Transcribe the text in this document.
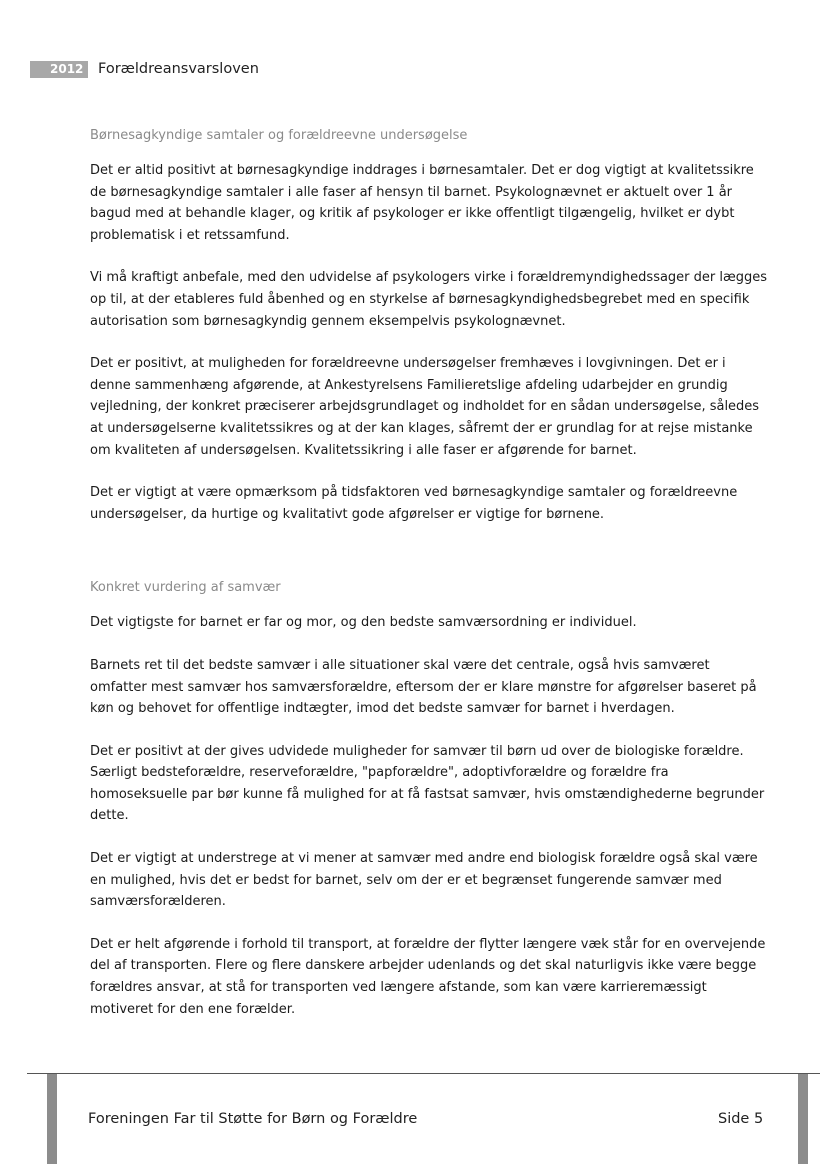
2012	Forældreansvarsloven
Børnesagkyndige samtaler og forældreevne undersøgelse

Det er altid positivt at børnesagkyndige inddrages i børnesamtaler. Det er dog vigtigt at kvalitetssikre de børnesagkyndige samtaler i alle faser af hensyn til barnet. Psykolognævnet er aktuelt over 1 år bagud med at behandle klager, og kritik af psykologer er ikke offentligt tilgængelig, hvilket er dybt problematisk i et retssamfund.

Vi må kraftigt anbefale, med den udvidelse af psykologers virke i forældremyndighedssager der lægges op til, at der etableres fuld åbenhed og en styrkelse af børnesagkyndighedsbegrebet med en specifik autorisation som børnesagkyndig gennem eksempelvis psykolognævnet.

Det er positivt, at muligheden for forældreevne undersøgelser fremhæves i lovgivningen. Det er i denne sammenhæng afgørende, at Ankestyrelsens Familieretslige afdeling udarbejder en grundig vejledning, der konkret præciserer arbejdsgrundlaget og indholdet for en sådan undersøgelse, således at undersøgelserne kvalitetssikres og at der kan klages, såfremt der er grundlag for at rejse mistanke om kvaliteten af undersøgelsen. Kvalitetssikring i alle faser er afgørende for barnet.

Det er vigtigt at være opmærksom på tidsfaktoren ved børnesagkyndige samtaler og forældreevne undersøgelser, da hurtige og kvalitativt gode afgørelser er vigtige for børnene.

Konkret vurdering af samvær

Det vigtigste for barnet er far og mor, og den bedste samværsordning er individuel.

Barnets ret til det bedste samvær i alle situationer skal være det centrale, også hvis samværet omfatter mest samvær hos samværsforældre, eftersom der er klare mønstre for afgørelser baseret på køn og behovet for offentlige indtægter, imod det bedste samvær for barnet i hverdagen.

Det er positivt at der gives udvidede muligheder for samvær til børn ud over de biologiske forældre. Særligt bedsteforældre, reserveforældre, "papforældre", adoptivforældre og forældre fra homoseksuelle par bør kunne få mulighed for at få fastsat samvær, hvis omstændighederne begrunder dette.

Det er vigtigt at understrege at vi mener at samvær med andre end biologisk forældre også skal være en mulighed, hvis det er bedst for barnet, selv om der er et begrænset fungerende samvær med samværsforælderen.

Det er helt afgørende i forhold til transport, at forældre der flytter længere væk står for en overvejende del af transporten. Flere og flere danskere arbejder udenlands og det skal naturligvis ikke være begge forældres ansvar, at stå for transporten ved længere afstande, som kan være karrieremæssigt motiveret for den ene forælder.

Foreningen Far til Støtte for Børn og Forældre	Side 5
